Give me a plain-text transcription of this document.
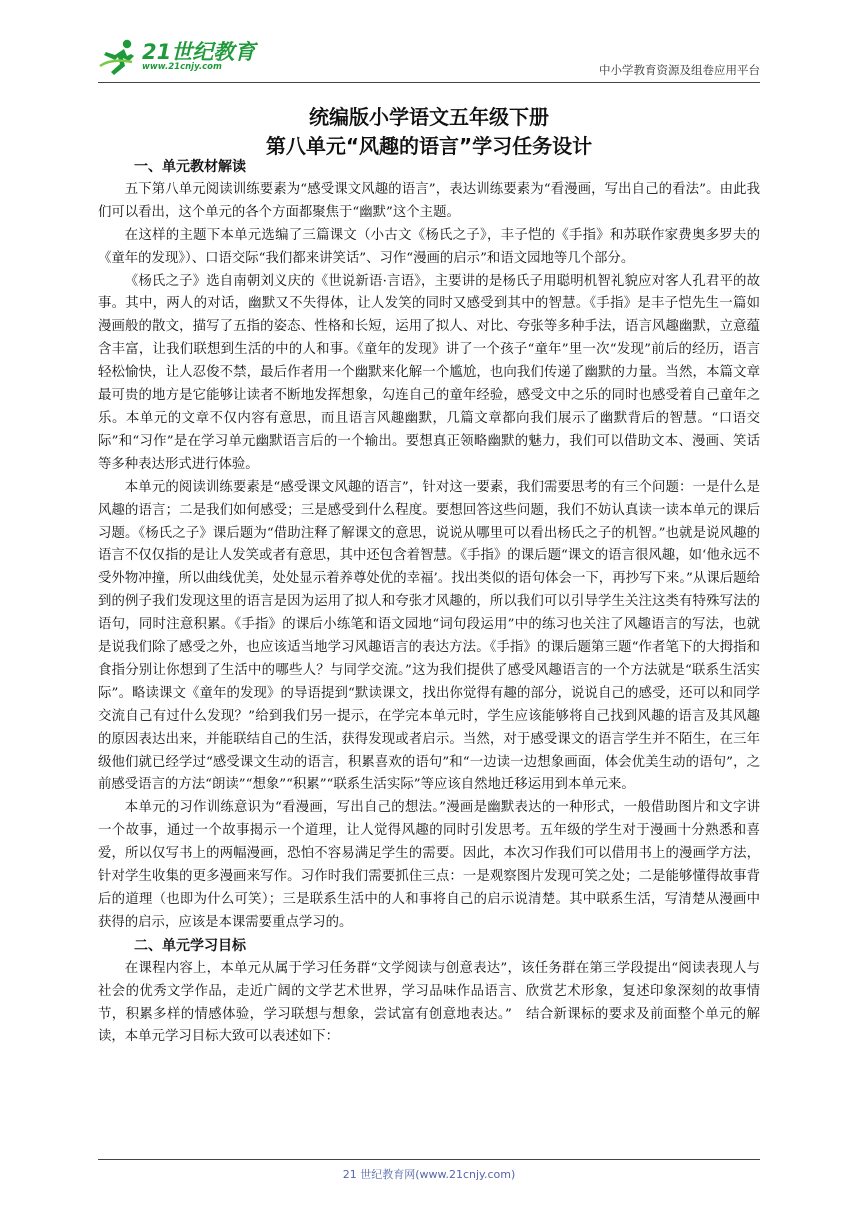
21世纪教育
www.21cnjy.com	中小学教育资源及组卷应用平台
统编版小学语文五年级下册
第八单元“风趣的语言”学习任务设计
一、单元教材解读

五下第八单元阅读训练要素为“感受课文风趣的语言”，表达训练要素为“看漫画，写出自己的看法”。由此我们可以看出，这个单元的各个方面都聚焦于“幽默”这个主题。

在这样的主题下本单元选编了三篇课文（小古文《杨氏之子》，丰子恺的《手指》和苏联作家费奥多罗夫的《童年的发现》）、口语交际“我们都来讲笑话”、习作“漫画的启示”和语文园地等几个部分。

《杨氏之子》选自南朝刘义庆的《世说新语·言语》，主要讲的是杨氏子用聪明机智礼貌应对客人孔君平的故事。其中，两人的对话，幽默又不失得体，让人发笑的同时又感受到其中的智慧。《手指》是丰子恺先生一篇如漫画般的散文，描写了五指的姿态、性格和长短，运用了拟人、对比、夸张等多种手法，语言风趣幽默，立意蕴含丰富，让我们联想到生活的中的人和事。《童年的发现》讲了一个孩子“童年”里一次“发现”前后的经历，语言轻松愉快，让人忍俊不禁，最后作者用一个幽默来化解一个尴尬，也向我们传递了幽默的力量。当然，本篇文章最可贵的地方是它能够让读者不断地发挥想象，勾连自己的童年经验，感受文中之乐的同时也感受着自己童年之乐。本单元的文章不仅内容有意思，而且语言风趣幽默，几篇文章都向我们展示了幽默背后的智慧。“口语交际”和“习作”是在学习单元幽默语言后的一个输出。要想真正领略幽默的魅力，我们可以借助文本、漫画、笑话等多种表达形式进行体验。

本单元的阅读训练要素是“感受课文风趣的语言”，针对这一要素，我们需要思考的有三个问题：一是什么是风趣的语言；二是我们如何感受；三是感受到什么程度。要想回答这些问题，我们不妨认真读一读本单元的课后习题。《杨氏之子》课后题为“借助注释了解课文的意思，说说从哪里可以看出杨氏之子的机智。”也就是说风趣的语言不仅仅指的是让人发笑或者有意思，其中还包含着智慧。《手指》的课后题“课文的语言很风趣，如‘他永远不受外物冲撞，所以曲线优美，处处显示着养尊处优的幸福’。找出类似的语句体会一下，再抄写下来。”从课后题给到的例子我们发现这里的语言是因为运用了拟人和夸张才风趣的，所以我们可以引导学生关注这类有特殊写法的语句，同时注意积累。《手指》的课后小练笔和语文园地“词句段运用”中的练习也关注了风趣语言的写法，也就是说我们除了感受之外，也应该适当地学习风趣语言的表达方法。《手指》的课后题第三题“作者笔下的大拇指和食指分别让你想到了生活中的哪些人？与同学交流。”这为我们提供了感受风趣语言的一个方法就是“联系生活实际”。略读课文《童年的发现》的导语提到“默读课文，找出你觉得有趣的部分，说说自己的感受，还可以和同学交流自己有过什么发现？”给到我们另一提示，在学完本单元时，学生应该能够将自己找到风趣的语言及其风趣的原因表达出来，并能联结自己的生活，获得发现或者启示。当然，对于感受课文的语言学生并不陌生，在三年级他们就已经学过“感受课文生动的语言，积累喜欢的语句”和“一边读一边想象画面，体会优美生动的语句”，之前感受语言的方法“朗读”“想象”“积累”“联系生活实际”等应该自然地迁移运用到本单元来。

本单元的习作训练意识为“看漫画，写出自己的想法。”漫画是幽默表达的一种形式，一般借助图片和文字讲一个故事，通过一个故事揭示一个道理，让人觉得风趣的同时引发思考。五年级的学生对于漫画十分熟悉和喜爱，所以仅写书上的两幅漫画，恐怕不容易满足学生的需要。因此，本次习作我们可以借用书上的漫画学方法，针对学生收集的更多漫画来写作。习作时我们需要抓住三点：一是观察图片发现可笑之处；二是能够懂得故事背后的道理（也即为什么可笑）；三是联系生活中的人和事将自己的启示说清楚。其中联系生活，写清楚从漫画中获得的启示，应该是本课需要重点学习的。

二、单元学习目标

在课程内容上，本单元从属于学习任务群“文学阅读与创意表达”，该任务群在第三学段提出“阅读表现人与社会的优秀文学作品，走近广阔的文学艺术世界，学习品味作品语言、欣赏艺术形象，复述印象深刻的故事情节，积累多样的情感体验，学习联想与想象，尝试富有创意地表达。”　结合新课标的要求及前面整个单元的解读，本单元学习目标大致可以表述如下：

21 世纪教育网(www.21cnjy.com)
